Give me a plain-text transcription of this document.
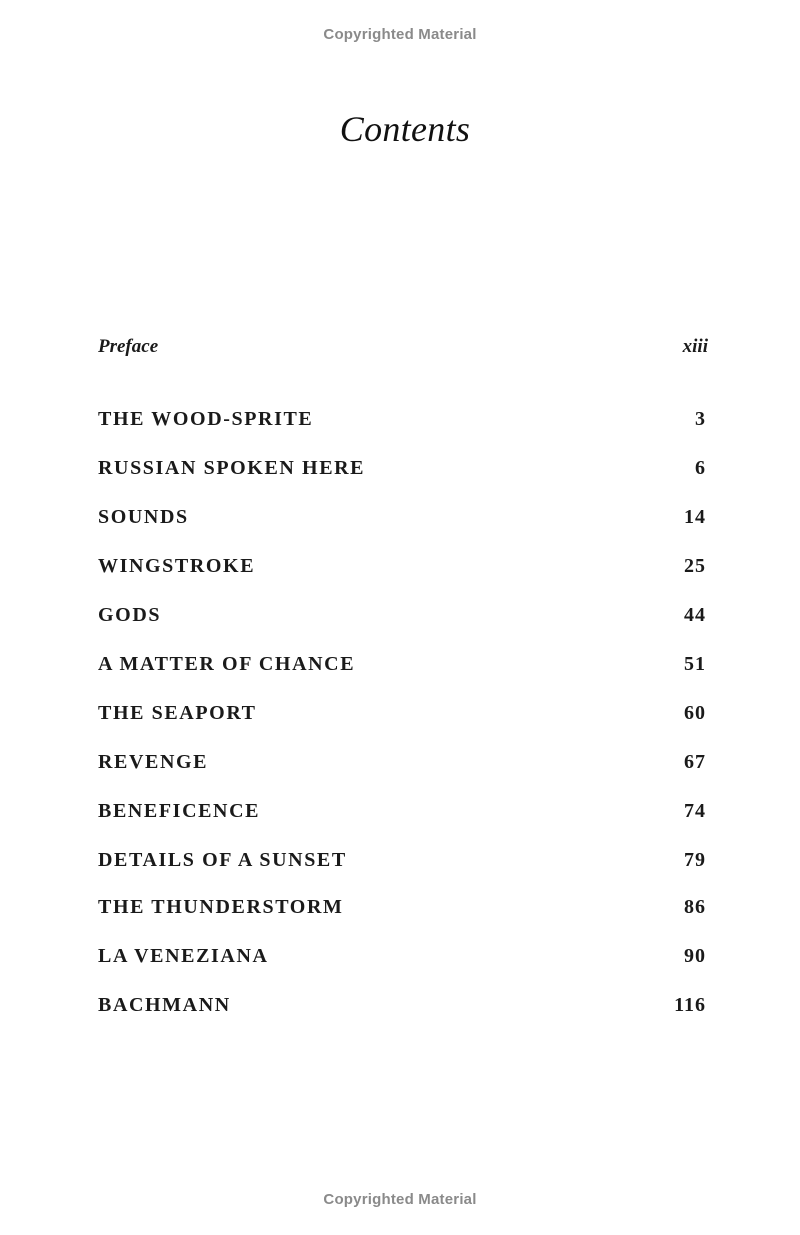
Copyrighted Material
Contents
Preface	xiii
THE WOOD-SPRITE	3
RUSSIAN SPOKEN HERE	6
SOUNDS	14
WINGSTROKE	25
GODS	44
A MATTER OF CHANCE	51
THE SEAPORT	60
REVENGE	67
BENEFICENCE	74
DETAILS OF A SUNSET	79
THE THUNDERSTORM	86
LA VENEZIANA	90
BACHMANN	116
Copyrighted Material
